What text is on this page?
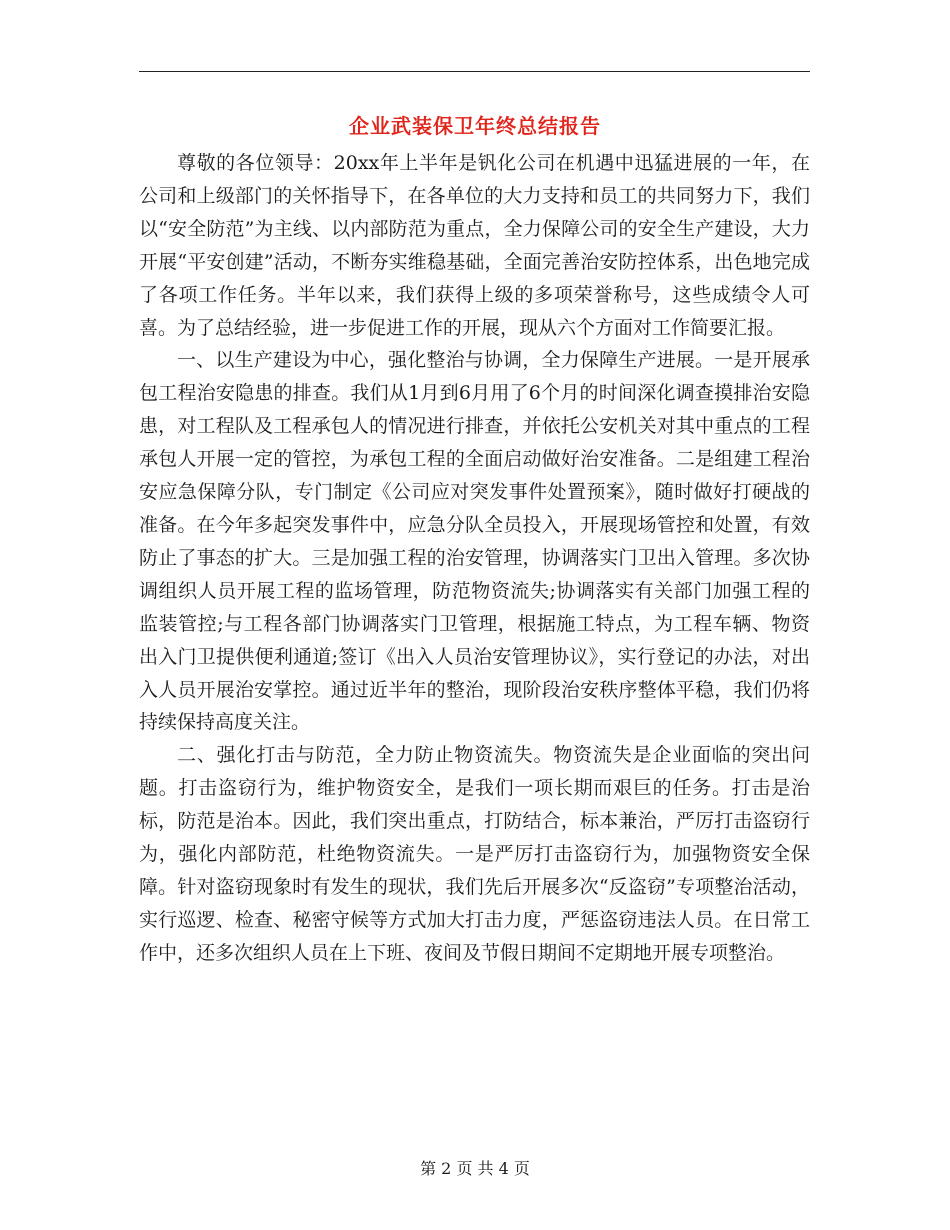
企业武装保卫年终总结报告

尊敬的各位领导：20xx年上半年是钒化公司在机遇中迅猛进展的一年，在公司和上级部门的关怀指导下，在各单位的大力支持和员工的共同努力下，我们以“安全防范”为主线、以内部防范为重点，全力保障公司的安全生产建设，大力开展“平安创建”活动，不断夯实维稳基础，全面完善治安防控体系，出色地完成了各项工作任务。半年以来，我们获得上级的多项荣誉称号，这些成绩令人可喜。为了总结经验，进一步促进工作的开展，现从六个方面对工作简要汇报。

一、以生产建设为中心，强化整治与协调，全力保障生产进展。一是开展承包工程治安隐患的排查。我们从1月到6月用了6个月的时间深化调查摸排治安隐患，对工程队及工程承包人的情况进行排查，并依托公安机关对其中重点的工程承包人开展一定的管控，为承包工程的全面启动做好治安准备。二是组建工程治安应急保障分队，专门制定《公司应对突发事件处置预案》，随时做好打硬战的准备。在今年多起突发事件中，应急分队全员投入，开展现场管控和处置，有效防止了事态的扩大。三是加强工程的治安管理，协调落实门卫出入管理。多次协调组织人员开展工程的监场管理，防范物资流失;协调落实有关部门加强工程的监装管控;与工程各部门协调落实门卫管理，根据施工特点，为工程车辆、物资出入门卫提供便利通道;签订《出入人员治安管理协议》，实行登记的办法，对出入人员开展治安掌控。通过近半年的整治，现阶段治安秩序整体平稳，我们仍将持续保持高度关注。

二、强化打击与防范，全力防止物资流失。物资流失是企业面临的突出问题。打击盗窃行为，维护物资安全，是我们一项长期而艰巨的任务。打击是治标，防范是治本。因此，我们突出重点，打防结合，标本兼治，严厉打击盗窃行为，强化内部防范，杜绝物资流失。一是严厉打击盗窃行为，加强物资安全保障。针对盗窃现象时有发生的现状，我们先后开展多次“反盗窃”专项整治活动，实行巡逻、检查、秘密守候等方式加大打击力度，严惩盗窃违法人员。在日常工作中，还多次组织人员在上下班、夜间及节假日期间不定期地开展专项整治。

第 2 页 共 4 页
